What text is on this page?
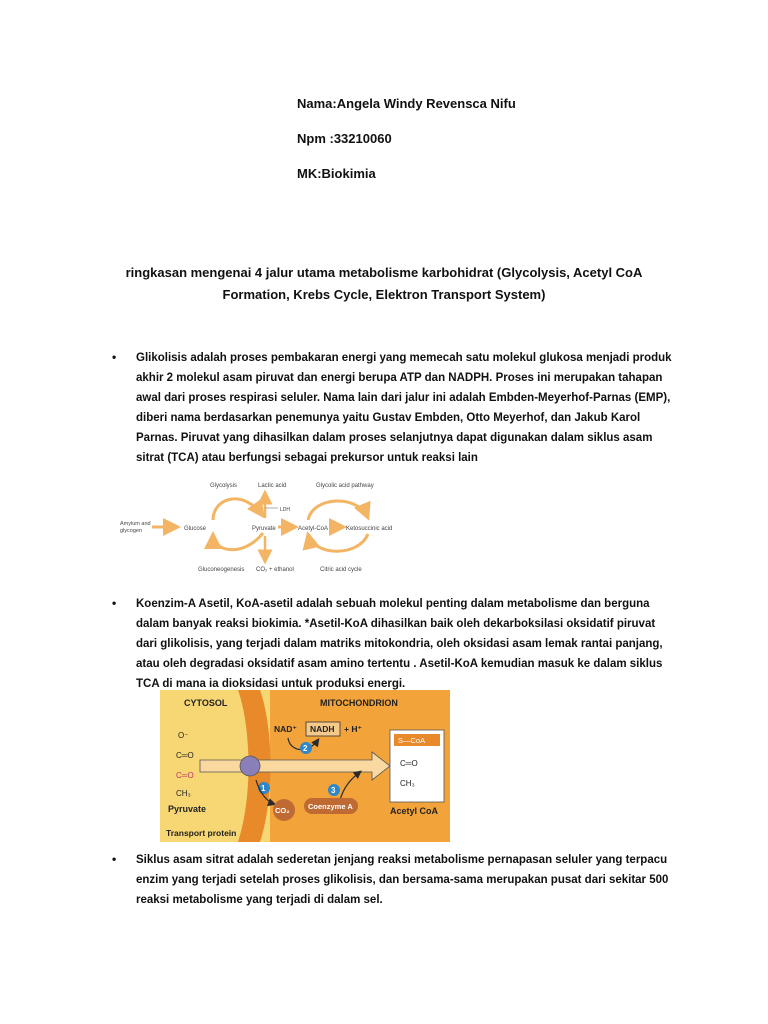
Nama:Angela Windy Revensca Nifu
Npm :33210060
MK:Biokimia
ringkasan mengenai 4 jalur utama metabolisme karbohidrat (Glycolysis, Acetyl CoA Formation, Krebs Cycle, Elektron Transport System)
• Glikolisis adalah proses pembakaran energi yang memecah satu molekul glukosa menjadi produk akhir 2 molekul asam piruvat dan energi berupa ATP dan NADPH. Proses ini merupakan tahapan awal dari proses respirasi seluler. Nama lain dari jalur ini adalah Embden-Meyerhof-Parnas (EMP), diberi nama berdasarkan penemunya yaitu Gustav Embden, Otto Meyerhof, dan Jakub Karol Parnas. Piruvat yang dihasilkan dalam proses selanjutnya dapat digunakan dalam siklus asam sitrat (TCA) atau berfungsi sebagai prekursor untuk reaksi lain
Glycolysis	Lactic acid	Glycolic acid pathway
LDH
Amylum and
glycogen	Glucose	Pyruvate	Acetyl-CoA	Ketosuccinic acid
Gluconeogenesis CO₂ + ethanol	Citric acid cycle
• Koenzim-A Asetil, KoA-asetil adalah sebuah molekul penting dalam metabolisme dan berguna dalam banyak reaksi biokimia. *Asetil-KoA dihasilkan baik oleh dekarboksilasi oksidatif piruvat dari glikolisis, yang terjadi dalam matriks mitokondria, oleh oksidasi asam lemak rantai panjang, atau oleh degradasi oksidatif asam amino tertentu . Asetil-KoA kemudian masuk ke dalam siklus TCA di mana ia dioksidasi untuk produksi energi.
CYTOSOL	MITOCHONDRION
NAD⁺ NADH + H⁺
2
1	3
O⁻
C═O
C═O
CH₃
Pyruvate	CO₂ Coenzyme A
S—CoA
C═O
CH₃
Acetyl CoA
Transport protein
• Siklus asam sitrat adalah sederetan jenjang reaksi metabolisme pernapasan seluler yang terpacu enzim yang terjadi setelah proses glikolisis, dan bersama-sama merupakan pusat dari sekitar 500 reaksi metabolisme yang terjadi di dalam sel.
